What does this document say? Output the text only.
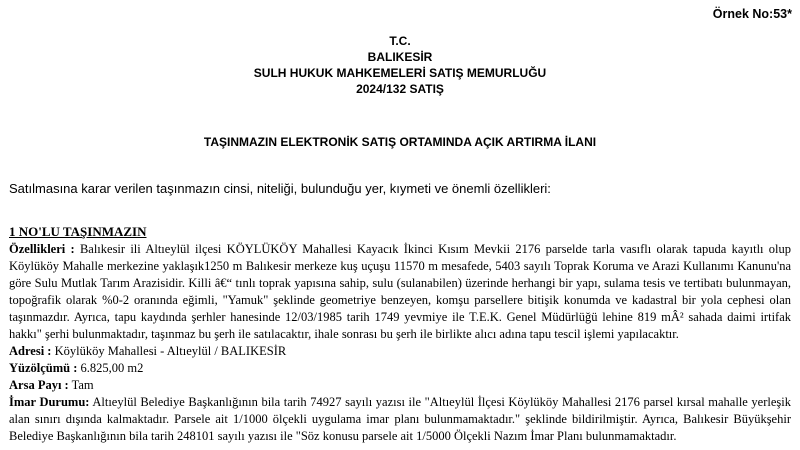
Örnek No:53*
T.C.
BALIKESİR
SULH HUKUK MAHKEMELERİ SATIŞ MEMURLUĞU
2024/132 SATIŞ
TAŞINMAZIN ELEKTRONİK SATIŞ ORTAMINDA AÇIK ARTIRMA İLANI
Satılmasına karar verilen taşınmazın cinsi, niteliği, bulunduğu yer, kıymeti ve önemli özellikleri:

1 NO'LU TAŞINMAZIN

Özellikleri : Balıkesir ili Altıeylül ilçesi KÖYLÜKÖY Mahallesi Kayacık İkinci Kısım Mevkii 2176 parselde tarla vasıflı olarak tapuda kayıtlı olup Köylüköy Mahalle merkezine yaklaşık1250 m Balıkesir merkeze kuş uçuşu 11570 m mesafede, 5403 sayılı Toprak Koruma ve Arazi Kullanımı Kanunu'na göre Sulu Mutlak Tarım Arazisidir. Killi â€“ tınlı toprak yapısına sahip, sulu (sulanabilen) üzerinde herhangi bir yapı, sulama tesis ve tertibatı bulunmayan, topoğrafik olarak %0-2 oranında eğimli, "Yamuk" şeklinde geometriye benzeyen, komşu parsellere bitişik konumda ve kadastral bir yola cephesi olan taşınmazdır. Ayrıca, tapu kaydında şerhler hanesinde 12/03/1985 tarih 1749 yevmiye ile T.E.K. Genel Müdürlüğü lehine 819 mÂ² sahada daimi irtifak hakkı" şerhi bulunmaktadır, taşınmaz bu şerh ile satılacaktır, ihale sonrası bu şerh ile birlikte alıcı adına tapu tescil işlemi yapılacaktır.

Adresi : Köylüköy Mahallesi - Altıeylül / BALIKESİR

Yüzölçümü : 6.825,00 m2

Arsa Payı : Tam

İmar Durumu: Altıeylül Belediye Başkanlığının bila tarih 74927 sayılı yazısı ile "Altıeylül İlçesi Köylüköy Mahallesi 2176 parsel kırsal mahalle yerleşik alan sınırı dışında kalmaktadır. Parsele ait 1/1000 ölçekli uygulama imar planı bulunmamaktadır." şeklinde bildirilmiştir. Ayrıca, Balıkesir Büyükşehir Belediye Başkanlığının bila tarih 248101 sayılı yazısı ile "Söz konusu parsele ait 1/5000 Ölçekli Nazım İmar Planı bulunmamaktadır.
